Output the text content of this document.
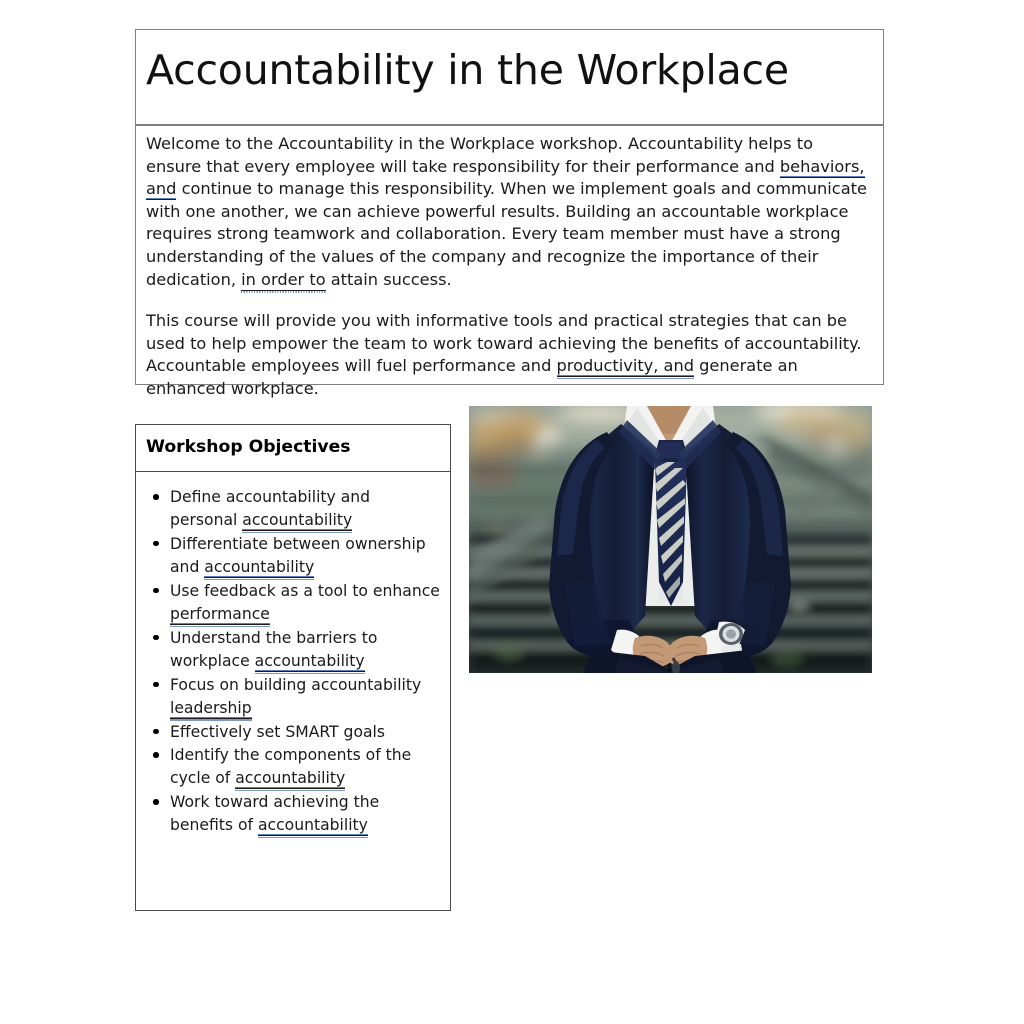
Accountability in the Workplace

Welcome to the Accountability in the Workplace workshop. Accountability helps to ensure that every employee will take responsibility for their performance and behaviors, and continue to manage this responsibility. When we implement goals and communicate with one another, we can achieve powerful results. Building an accountable workplace requires strong teamwork and collaboration. Every team member must have a strong understanding of the values of the company and recognize the importance of their dedication, in order to attain success.

This course will provide you with informative tools and practical strategies that can be used to help empower the team to work toward achieving the benefits of accountability. Accountable employees will fuel performance and productivity, and generate an enhanced workplace.

Workshop Objectives
Define accountability and personal accountability
Differentiate between ownership and accountability
Use feedback as a tool to enhance performance
Understand the barriers to workplace accountability
Focus on building accountability leadership
Effectively set SMART goals
Identify the components of the cycle of accountability
Work toward achieving the benefits of accountability
